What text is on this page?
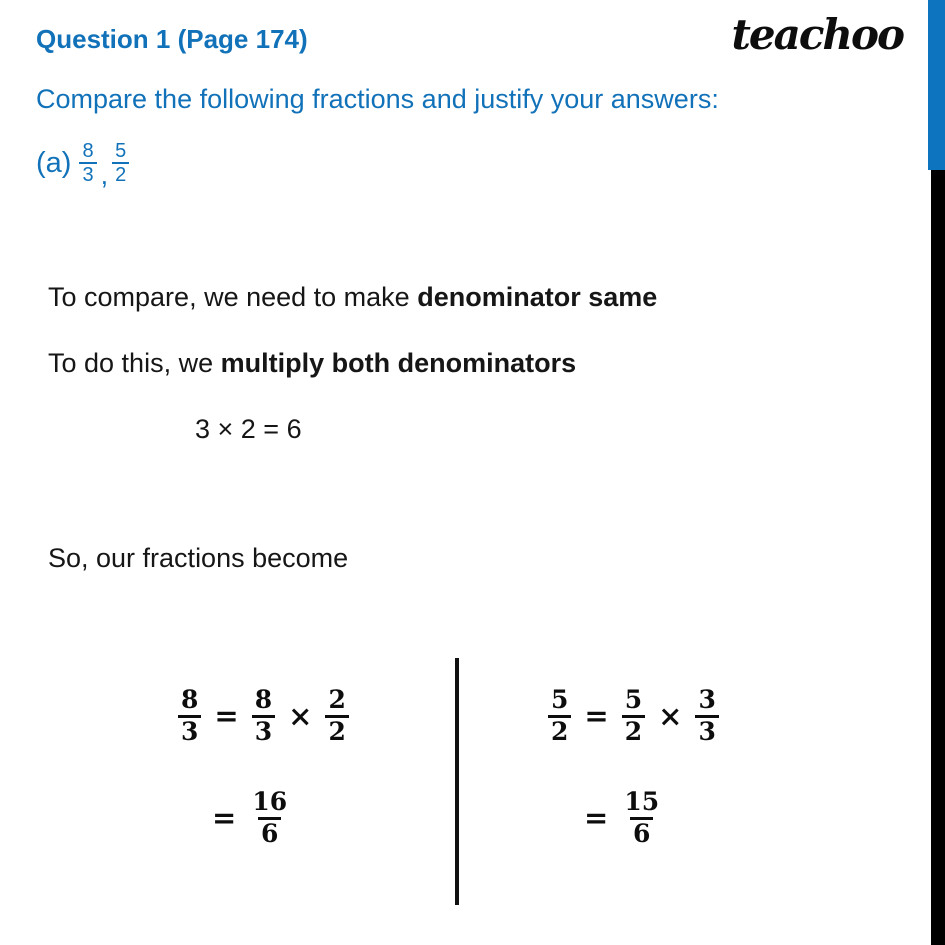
Question 1 (Page 174)	teachoo
Compare the following fractions and justify your answers:
$(a) \frac{8}{3}$ , $\frac{5}{2}$
To compare, we need to make denominator same
To do this, we multiply both denominators
3 × 2 = 6
So, our fractions become
$\frac{8}{3} = \frac{8}{3} \times \frac{2}{2}$
= $\frac{16}{6}$
$\frac{5}{2} = \frac{5}{2} \times \frac{3}{3}$
= $\frac{15}{6}$
